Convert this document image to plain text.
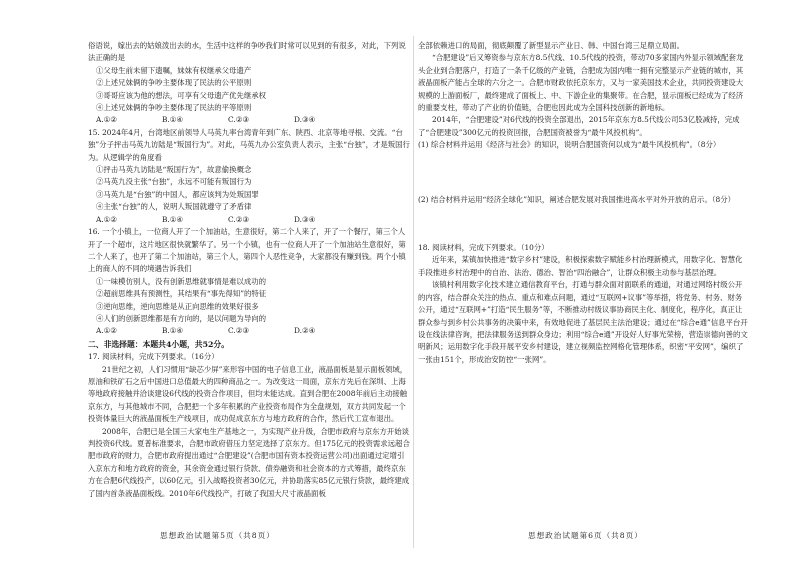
俗语说，嫁出去的姑娘泼出去的水，生活中这样的争吵我们时常可以见到的有很多，对此，下列说法正确的是

①父母生前未留下遗嘱，妹妹有权继承父母遗产

②上述兄妹俩的争吵主要体现了民法的公平原则

③哥哥应该为他的想法，可享有父母遗产优先继承权

④上述兄妹俩的争吵主要体现了民法的平等原则

A.①②	B.①④	C.②③	D.③④

15. 2024年4月，台湾地区前领导人马英九率台湾青年到广东、陕西、北京等地寻根、交流。“台独”分子抨击马英九访陆是“叛国行为”。对此，马英九办公室负责人表示，主张“台独”，才是叛国行为。从逻辑学的角度看

①抨击马英九访陆是“叛国行为”，故意偷换概念

②马英九没主张“台独”，永远不可能有叛国行为

③马英九是“台独”的中国人，都应该判为处叛国罪

④主张“台独”的人，说明人叛国就遵守了矛盾律

A.①②	B.①④	C.②③	D.③④

16. 一个小镇上，一位商人开了一个加油站，生意很好，第二个人来了，开了一个餐厅，第三个人开了一个超市，这片地区很快就繁华了。另一个小镇，也有一位商人开了一个加油站生意很好，第二个人来了，也开了第二个加油站，第三个人，第四个人恶性竞争，大家都没有赚到钱。两个小镇上的商人的不同的境遇告诉我们

①一味模仿别人，没有创新思维就事情是难以成功的

②超前思维具有预测性，其结果有“事先得知”的特征

③逆向思维，逆向思维是从正向思维的效果好很多

④人们的创新思维都是有方向的，是以问题为导向的

A.①②	B.①④	C.②③	D.②④

二、非选择题：本题共4小题，共52分。

17. 阅读材料，完成下列要求。（16分）

21世纪之初，人们习惯用“缺芯少屏”来形容中国的电子信息工业，液晶面板是显示面板领域，原油和铁矿石之后中国进口总值最大的四种商品之一。为改变这一局面，京东方先后在深圳、上海等地政府接触并洽谈建设6代线的投资合作项目，但均未能达成。直到合肥在2008年前后主动接触京东方，与其他城市不同，合肥把一个多年积累的产业投资布局作为全盘规划，双方共同发起一个投资体量巨大的液晶面板生产线项目，成功促成京东方与地方政府的合作，然后代工宣布退出。

2008年，合肥已是全国三大家电生产基地之一，为实现产业升级，合肥市政府与京东方开始谈判投资6代线。夏普标准要求，合肥市政府借压力坚定选择了京东方。但175亿元的投资需求远超合肥市政府的财力，合肥市政府提出通过“合肥建设”(合肥市国有资本投资运营公司)出面通过定增引入京东方和地方政府的资金，其余资金通过银行贷款、债券融资和社会资本的方式筹措，最终京东方在合肥6代线投产，以60亿元，引入战略投资者30亿元，并协助落实85亿元银行贷款，最终建成了国内首条液晶面板线。2010年6代线投产，打破了我国大尺寸液晶面板

全部依赖进口的局面，彻底颠覆了新型显示产业日、韩、中国台湾三足鼎立局面。

“合肥建设”后又筹资参与京东方8.5代线、10.5代线的投资，带动70多家国内外显示领域配套龙头企业到合肥落户，打造了一条千亿级的产业链，合肥成为国内唯一拥有完整显示产业链的城市，其液晶面板产能占全球的六分之一。合肥市财政依托京东方，又与一家美国技术企业，共同投资建设大规模的上游面板厂，最终建成了面板上、中、下游企业的集聚带。在合肥，显示面板已经成为了经济的重要支柱，带动了产业的价值链，合肥也因此成为全国科技创新的新地标。

2014年，“合肥建设”对6代线的投资全部退出，2015年京东方8.5代线公司53亿股减持，完成了“合肥建设”300亿元的投资回报，合肥国资被誉为“最牛风投机构”。

(1) 综合材料并运用《经济与社会》的知识，说明合肥国资何以成为“最牛风投机构”。（8分）

(2) 结合材料并运用“经济全球化”知识，阐述合肥发展对我国推进高水平对外开放的启示。（8分）

18. 阅读材料，完成下列要求。（10分）

近年来，某镇加快推进“数字乡村”建设，积极探索数字赋能乡村治理新模式，用数字化、智慧化手段推进乡村治理中的自治、法治、德治、智治“四治融合”，让群众积极主动参与基层治理。

该镇村利用数字化技术建立通信教育平台，打通与群众面对面联系的通道，对通过网络村级公开的内容，结合群众关注的热点、重点和难点问题，通过“互联网+议事”等举措，将党务、村务、财务公开，通过“互联网+”打造“民生服务”等，不断推动村级议事协商民主化、制度化，程序化，真正让群众参与到乡村公共事务的决策中来，有效地促进了基层民主法治建设；通过在“综合e通”信息平台开设在线法律咨询，把法律服务送到群众身边；利用“综合e通”开设好人好事光荣榜，营造崇德向善的文明新风；运用数字化手段开展平安乡村建设，建立视频监控网格化管理体系，织密“平安网”，编织了一张由151个，形成治安防控“一张网”。

思想政治试题第5页（共8页）	思想政治试题第6页（共8页）
